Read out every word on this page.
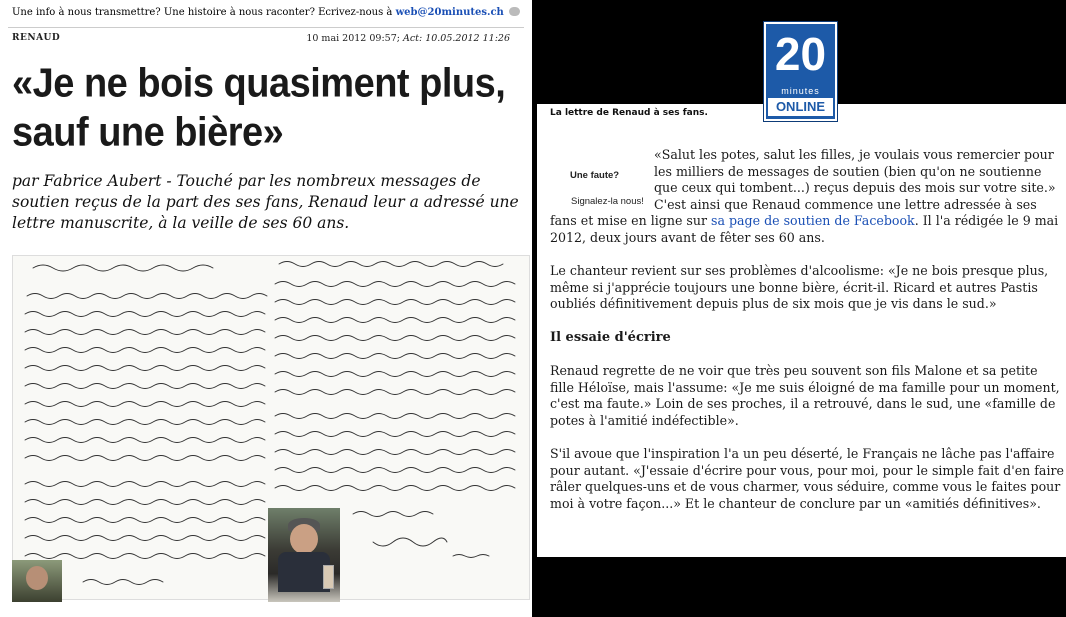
Une info à nous transmettre? Une histoire à nous raconter? Ecrivez-nous à web@20minutes.ch
RENAUD	10 mai 2012 09:57; Act: 10.05.2012 11:26
«Je ne bois quasiment plus, sauf une bière»
par Fabrice Aubert - Touché par les nombreux messages de soutien reçus de la part des ses fans, Renaud leur a adressé une lettre manuscrite, à la veille de ses 60 ans.
La lettre de Renaud à ses fans.
Une faute?
Signalez-la nous!

«Salut les potes, salut les filles, je voulais vous remercier pour les milliers de messages de soutien (bien qu'on ne soutienne que ceux qui tombent...) reçus depuis des mois sur votre site.» C'est ainsi que Renaud commence une lettre adressée à ses fans et mise en ligne sur sa page de soutien de Facebook. Il l'a rédigée le 9 mai 2012, deux jours avant de fêter ses 60 ans.

Le chanteur revient sur ses problèmes d'alcoolisme: «Je ne bois presque plus, même si j'apprécie toujours une bonne bière, écrit-il. Ricard et autres Pastis oubliés définitivement depuis plus de six mois que je vis dans le sud.»

Il essaie d'écrire

Renaud regrette de ne voir que très peu souvent son fils Malone et sa petite fille Héloïse, mais l'assume: «Je me suis éloigné de ma famille pour un moment, c'est ma faute.» Loin de ses proches, il a retrouvé, dans le sud, une «famille de potes à l'amitié indéfectible».

S'il avoue que l'inspiration l'a un peu déserté, le Français ne lâche pas l'affaire pour autant. «J'essaie d'écrire pour vous, pour moi, pour le simple fait d'en faire râler quelques-uns et de vous charmer, vous séduire, comme vous le faites pour moi à votre façon...» Et le chanteur de conclure par un «amitiés définitives».

20
minutes
ONLINE
